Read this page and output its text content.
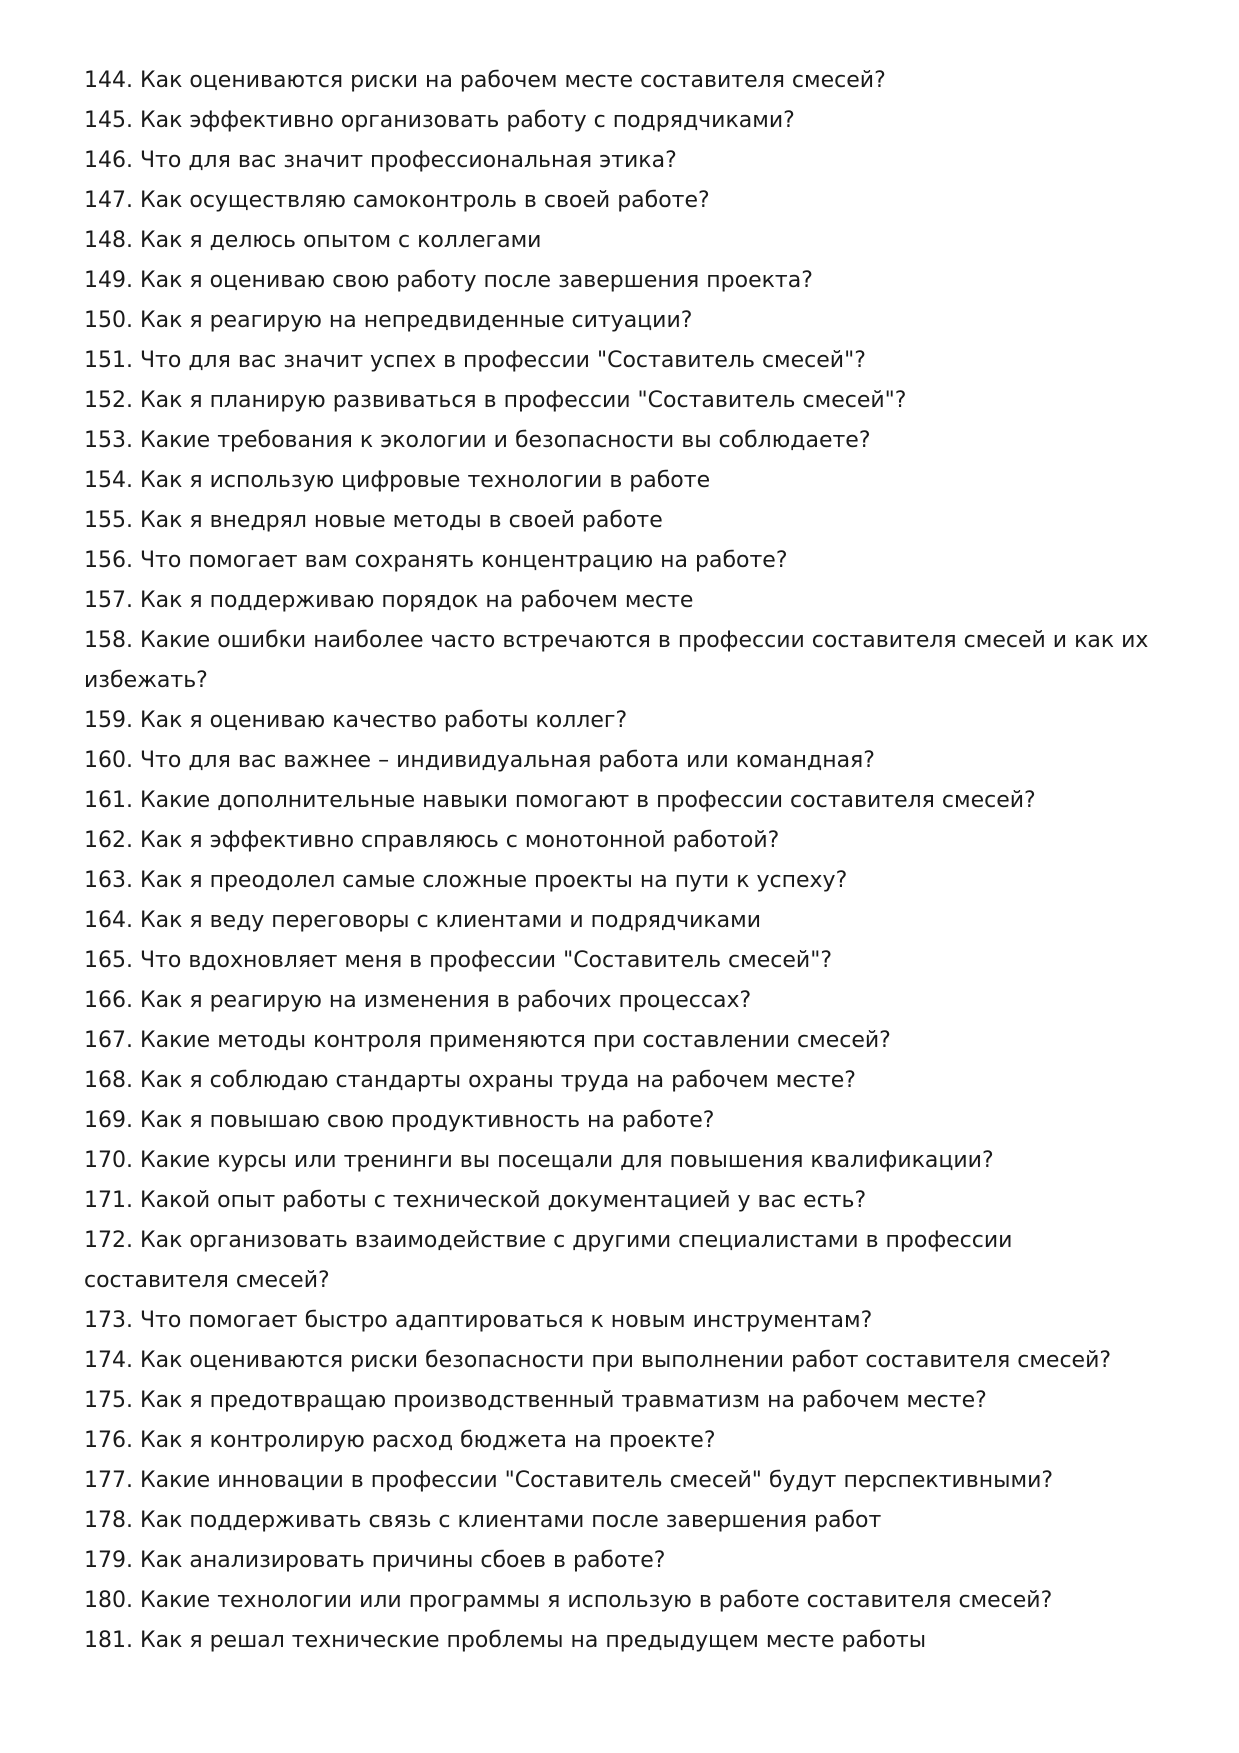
144. Как оцениваются риски на рабочем месте составителя смесей?
145. Как эффективно организовать работу с подрядчиками?
146. Что для вас значит профессиональная этика?
147. Как осуществляю самоконтроль в своей работе?
148. Как я делюсь опытом с коллегами
149. Как я оцениваю свою работу после завершения проекта?
150. Как я реагирую на непредвиденные ситуации?
151. Что для вас значит успех в профессии "Составитель смесей"?
152. Как я планирую развиваться в профессии "Составитель смесей"?
153. Какие требования к экологии и безопасности вы соблюдаете?
154. Как я использую цифровые технологии в работе
155. Как я внедрял новые методы в своей работе
156. Что помогает вам сохранять концентрацию на работе?
157. Как я поддерживаю порядок на рабочем месте
158. Какие ошибки наиболее часто встречаются в профессии составителя смесей и как их избежать?
159. Как я оцениваю качество работы коллег?
160. Что для вас важнее – индивидуальная работа или командная?
161. Какие дополнительные навыки помогают в профессии составителя смесей?
162. Как я эффективно справляюсь с монотонной работой?
163. Как я преодолел самые сложные проекты на пути к успеху?
164. Как я веду переговоры с клиентами и подрядчиками
165. Что вдохновляет меня в профессии "Составитель смесей"?
166. Как я реагирую на изменения в рабочих процессах?
167. Какие методы контроля применяются при составлении смесей?
168. Как я соблюдаю стандарты охраны труда на рабочем месте?
169. Как я повышаю свою продуктивность на работе?
170. Какие курсы или тренинги вы посещали для повышения квалификации?
171. Какой опыт работы с технической документацией у вас есть?
172. Как организовать взаимодействие с другими специалистами в профессии составителя смесей?
173. Что помогает быстро адаптироваться к новым инструментам?
174. Как оцениваются риски безопасности при выполнении работ составителя смесей?
175. Как я предотвращаю производственный травматизм на рабочем месте?
176. Как я контролирую расход бюджета на проекте?
177. Какие инновации в профессии "Составитель смесей" будут перспективными?
178. Как поддерживать связь с клиентами после завершения работ
179. Как анализировать причины сбоев в работе?
180. Какие технологии или программы я использую в работе составителя смесей?
181. Как я решал технические проблемы на предыдущем месте работы
